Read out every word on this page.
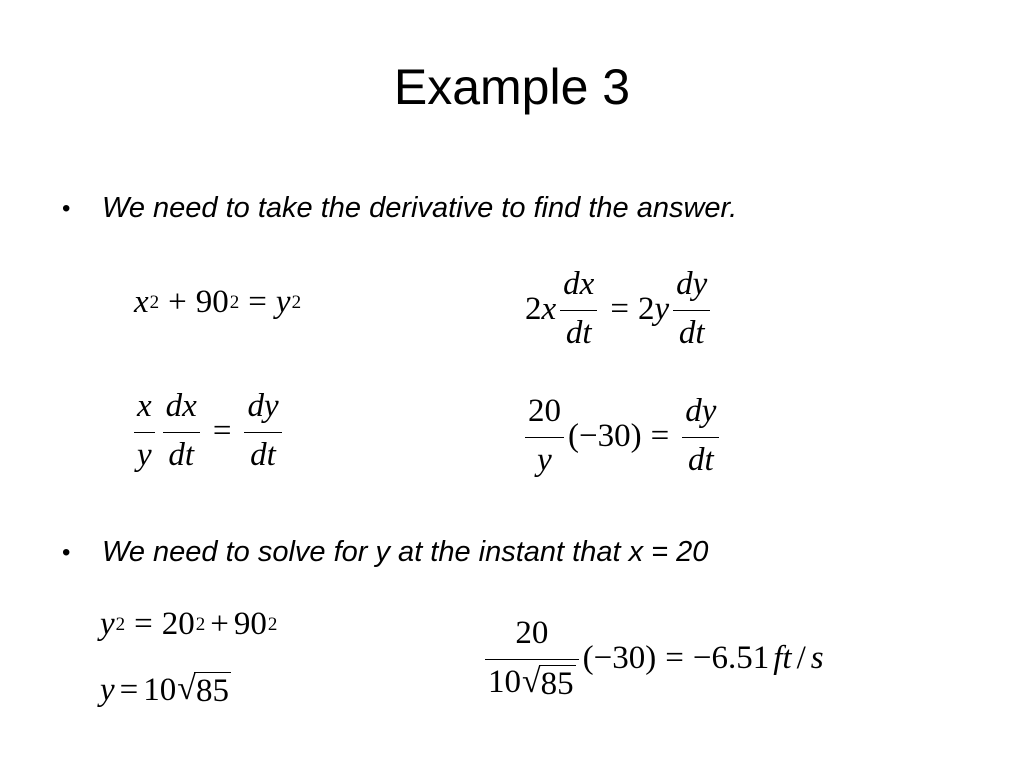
Example 3
•	We need to take the derivative to find the answer.
x 2 + 90 2 = y 2	2 x $\frac{dx}{dt} = 2$ y $\frac{dy}{dt}$
$\frac{x}{y} \frac{dx}{dt} = \frac{dy}{dt}$	$\frac{20}{y} (-30) = \frac{dy}{dt}$
•	We need to solve for y at the instant that x = 20
y 2 = 20 2 + 90 2
y = 10 √ 85	$\frac{20}{10 √ 85} (-30) = -6.51$ ft / s
